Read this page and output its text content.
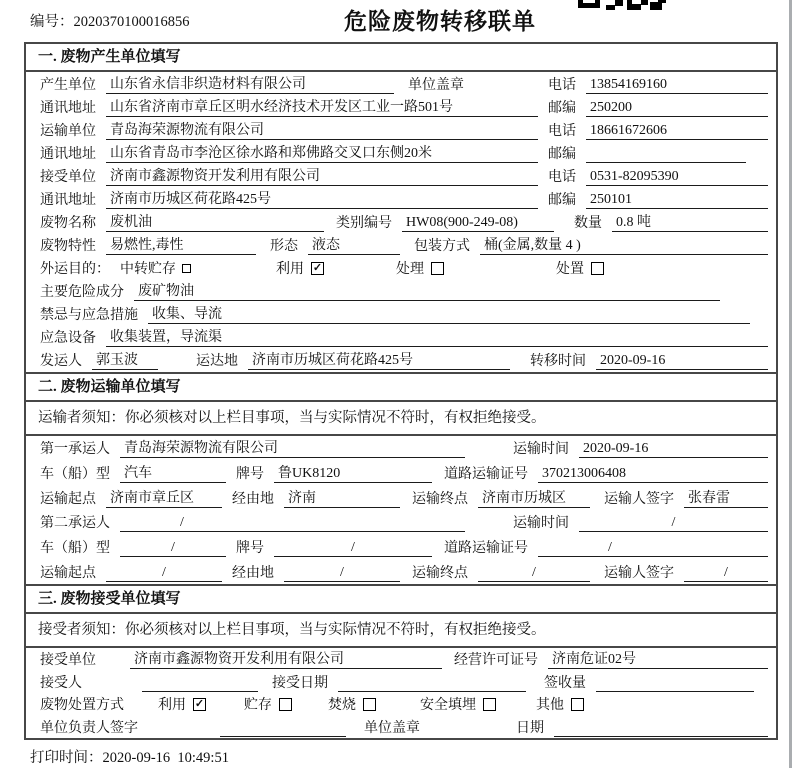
编号：2020370100016856	危险废物转移联单
一. 废物产生单位填写
产生单位 山东省永信非织造材料有限公司	单位盖章	电话 13854169160
通讯地址 山东省济南市章丘区明水经济技术开发区工业一路501号	邮编 250200
运输单位 青岛海荣源物流有限公司	电话 18661672606
通讯地址 山东省青岛市李沧区徐水路和郑佛路交叉口东侧20米	邮编
接受单位 济南市鑫源物资开发利用有限公司	电话 0531-82095390
通讯地址 济南市历城区荷花路425号	邮编 250101
废物名称 废机油	类别编号 HW08(900-249-08)	数量 0.8 吨
废物特性 易燃性,毒性	形态 液态	包装方式 桶(金属,数量 4 )
外运目的： 中转贮存	利用 ✓	处理	处置
主要危险成分 废矿物油
禁忌与应急措施 收集、导流
应急设备 收集装置，导流渠
发运人 郭玉波	运达地 济南市历城区荷花路425号	转移时间 2020-09-16
二. 废物运输单位填写
运输者须知：你必须核对以上栏目事项，当与实际情况不符时，有权拒绝接受。
第一承运人 青岛海荣源物流有限公司	运输时间 2020-09-16
车（船）型 汽车	牌号 鲁UK8120	道路运输证号 370213006408
运输起点 济南市章丘区	经由地 济南	运输终点 济南市历城区	运输人签字 张春雷
第二承运人	/	运输时间	/
车（船）型	/	牌号	/	道路运输证号	/
运输起点	/	经由地	/	运输终点	/	运输人签字	/
三. 废物接受单位填写
接受者须知：你必须核对以上栏目事项，当与实际情况不符时，有权拒绝接受。
接受单位	济南市鑫源物资开发利用有限公司	经营许可证号 济南危证02号
接受人	接受日期	签收量
废物处置方式 利用 ✓	贮存	焚烧	安全填埋	其他
单位负责人签字	单位盖章	日期
打印时间：2020-09-16  10:49:51
